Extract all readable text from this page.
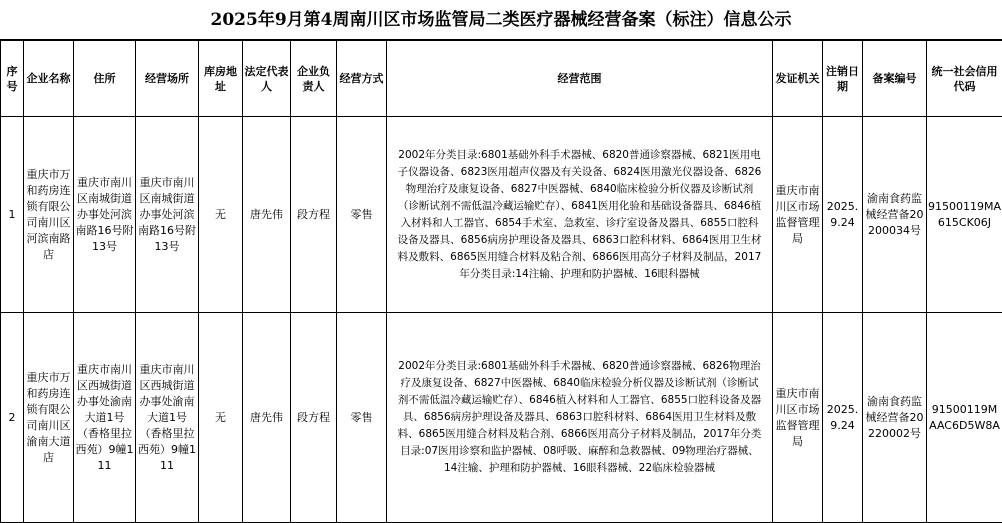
2025年9月第4周南川区市场监管局二类医疗器械经营备案（标注）信息公示
序号	企业名称	住所	经营场所	库房地址	法定代表人	企业负责人	经营方式	经营范围	发证机关	注销日期	备案编号	统一社会信用代码
1	重庆市万和药房连锁有限公司南川区河滨南路店	重庆市南川区南城街道办事处河滨南路16号附13号	重庆市南川区南城街道办事处河滨南路16号附13号	无	唐先伟	段方程	零售	2002年分类目录:6801基础外科手术器械、6820普通诊察器械、6821医用电子仪器设备、6823医用超声仪器及有关设备、6824医用激光仪器设备、6826物理治疗及康复设备、6827中医器械、6840临床检验分析仪器及诊断试剂（诊断试剂不需低温冷藏运输贮存）、6841医用化验和基础设备器具、6846植入材料和人工器官、6854手术室、急救室、诊疗室设备及器具、6855口腔科设备及器具、6856病房护理设备及器具、6863口腔科材料、6864医用卫生材料及敷料、6865医用缝合材料及粘合剂、6866医用高分子材料及制品，2017年分类目录:14注输、护理和防护器械、16眼科器械	重庆市南川区市场监督管理局	2025.9.24	渝南食药监械经营备20200034号	91500119MA615CK06J
2	重庆市万和药房连锁有限公司南川区渝南大道店	重庆市南川区西城街道办事处渝南大道1号（香格里拉西苑）9幢111	重庆市南川区西城街道办事处渝南大道1号（香格里拉西苑）9幢111	无	唐先伟	段方程	零售	2002年分类目录:6801基础外科手术器械、6820普通诊察器械、6826物理治疗及康复设备、6827中医器械、6840临床检验分析仪器及诊断试剂（诊断试剂不需低温冷藏运输贮存）、6846植入材料和人工器官、6855口腔科设备及器具、6856病房护理设备及器具、6863口腔科材料、6864医用卫生材料及敷料、6865医用缝合材料及粘合剂、6866医用高分子材料及制品，2017年分类目录:07医用诊察和监护器械、08呼吸、麻醉和急救器械、09物理治疗器械、14注输、护理和防护器械、16眼科器械、22临床检验器械	重庆市南川区市场监督管理局	2025.9.24	渝南食药监械经营备20220002号	91500119MAAC6D5W8A
